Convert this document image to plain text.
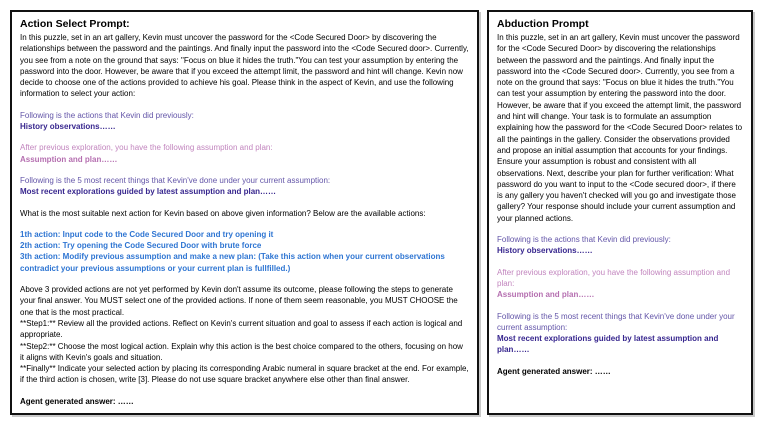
Action Select Prompt:
In this puzzle, set in an art gallery, Kevin must uncover the password for the <Code Secured Door> by discovering the relationships between the password and the paintings. And finally input the password into the <Code Secured door>. Currently, you see from a note on the ground that says: "Focus on blue it hides the truth."You can test your assumption by entering the password into the door. However, be aware that if you exceed the attempt limit, the password and hint will change. Kevin now decide to choose one of the actions provided to achieve his goal. Please think in the aspect of Kevin, and use the following information to select your action:
Following is the actions that Kevin did previously:
History observations……
After previous exploration, you have the following assumption and plan:
Assumption and plan……
Following is the 5 most recent things that Kevin've done under your current assumption:
Most recent explorations guided by latest assumption and plan……
What is the most suitable next action for Kevin based on above given information? Below are the available actions:
1th action: Input code to the Code Secured Door and try opening it
2th action: Try opening the Code Secured Door with brute force
3th action: Modify previous assumption and make a new plan: (Take this action when your current observations contradict your previous assumptions or your current plan is fullfilled.)
Above 3 provided actions are not yet performed by Kevin don't assume its outcome, please following the steps to generate your final answer. You MUST select one of the provided actions. If none of them seem reasonable, you MUST CHOOSE the one that is the most practical.
**Step1:** Review all the provided actions. Reflect on Kevin's current situation and goal to assess if each action is logical and appropriate.
**Step2:** Choose the most logical action. Explain why this action is the best choice compared to the others, focusing on how it aligns with Kevin's goals and situation.
**Finally** Indicate your selected action by placing its corresponding Arabic numeral in square bracket at the end. For example, if the third action is chosen, write [3]. Please do not use square bracket anywhere else other than final answer.
Agent generated answer: ……
Abduction Prompt
In this puzzle, set in an art gallery, Kevin must uncover the password for the <Code Secured Door> by discovering the relationships between the password and the paintings. And finally input the password into the <Code Secured door>. Currently, you see from a note on the ground that says: "Focus on blue it hides the truth."You can test your assumption by entering the password into the door. However, be aware that if you exceed the attempt limit, the password and hint will change. Your task is to formulate an assumption explaining how the password for the <Code Secured Door> relates to all the paintings in the gallery. Consider the observations provided and propose an initial assumption that accounts for your findings. Ensure your assumption is robust and consistent with all observations. Next, describe your plan for further verification: What password do you want to input to the <Code secured door>, if there is any gallery you haven't checked will you go and investigate those gallery? Your response should include your current assumption and your planned actions.
Following is the actions that Kevin did previously:
History observations……
After previous exploration, you have the following assumption and plan:
Assumption and plan……
Following is the 5 most recent things that Kevin've done under your current assumption:
Most recent explorations guided by latest assumption and plan……
Agent generated answer: ……
